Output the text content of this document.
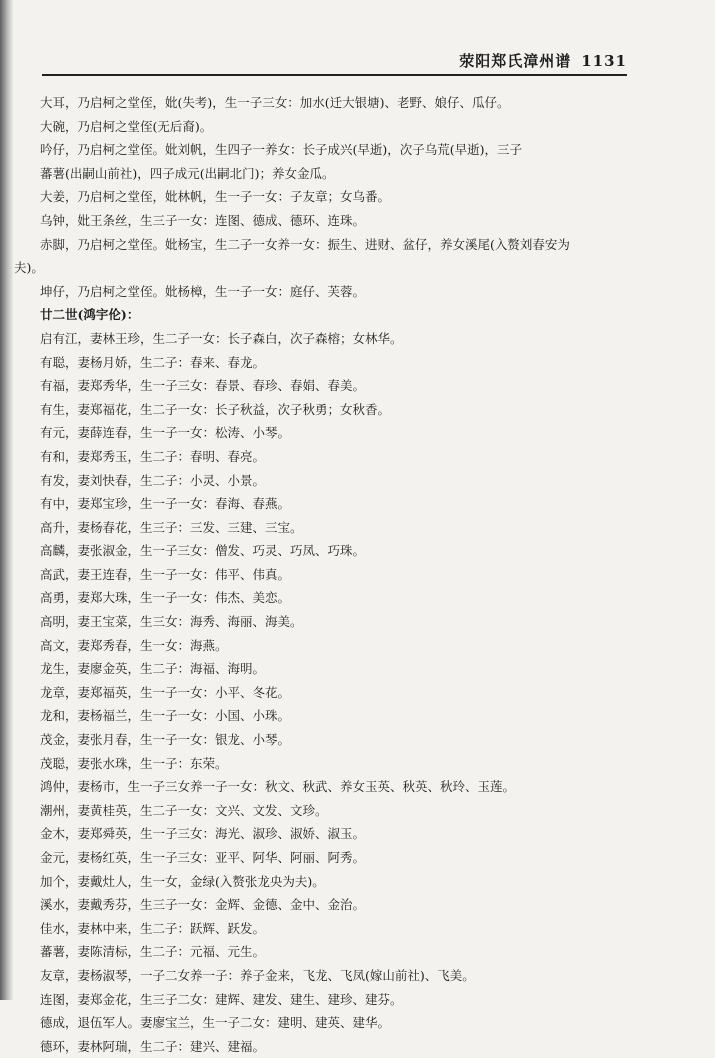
荥阳郑氏漳州谱 1131
大耳，乃启柯之堂侄，妣(失考)，生一子三女：加水(迁大银塘)、老野、娘仔、瓜仔。
大碗，乃启柯之堂侄(无后裔)。
吟仔，乃启柯之堂侄。妣刘帆，生四子一养女：长子成兴(早逝)，次子乌荒(早逝)，三子
蕃薯(出嗣山前社)，四子成元(出嗣北门)；养女金瓜。
大姜，乃启柯之堂侄，妣林帆，生一子一女：子友章；女乌番。
乌钟，妣王条丝，生三子一女：连图、德成、德环、连珠。
赤脚，乃启柯之堂侄。妣杨宝，生二子一女养一女：振生、进财、盆仔，养女溪尾(入赘刘春安为
夫)。
坤仔，乃启柯之堂侄。妣杨樟，生一子一女：庭仔、芙蓉。
廿二世(鸿宇伦)：
启有江，妻林王珍，生二子一女：长子森白，次子森榕；女林华。
有聪，妻杨月娇，生二子：春来、春龙。
有福，妻郑秀华，生一子三女：春景、春珍、春娟、春美。
有生，妻郑福花，生二子一女：长子秋益，次子秋勇；女秋香。
有元，妻薛连春，生一子一女：松涛、小琴。
有和，妻郑秀玉，生二子：春明、春亮。
有发，妻刘快春，生二子：小灵、小景。
有中，妻郑宝珍，生一子一女：春海、春燕。
高升，妻杨春花，生三子：三发、三建、三宝。
高麟，妻张淑金，生一子三女：僧发、巧灵、巧凤、巧珠。
高武，妻王连春，生一子一女：伟平、伟真。
高勇，妻郑大珠，生一子一女：伟杰、美恋。
高明，妻王宝菜，生三女：海秀、海丽、海美。
高文，妻郑秀春，生一女：海燕。
龙生，妻廖金英，生二子：海福、海明。
龙章，妻郑福英，生一子一女：小平、冬花。
龙和，妻杨福兰，生一子一女：小国、小珠。
茂金，妻张月春，生一子一女：银龙、小琴。
茂聪，妻张水珠，生一子：东荣。
鸿仲，妻杨市，生一子三女养一子一女：秋文、秋武、养女玉英、秋英、秋玲、玉莲。
潮州，妻黄桂英，生二子一女：文兴、文发、文珍。
金木，妻郑舜英，生一子三女：海光、淑珍、淑娇、淑玉。
金元，妻杨红英，生一子三女：亚平、阿华、阿丽、阿秀。
加个，妻戴灶人，生一女，金绿(入赘张龙央为夫)。
溪水，妻戴秀芬，生三子一女：金辉、金德、金中、金治。
佳水，妻林中来，生二子：跃辉、跃发。
蕃薯，妻陈清标，生二子：元福、元生。
友章，妻杨淑琴，一子二女养一子：养子金来，飞龙、飞凤(嫁山前社)、飞美。
连图，妻郑金花，生三子二女：建辉、建发、建生、建珍、建芬。
德成，退伍军人。妻廖宝兰，生一子二女：建明、建英、建华。
德环，妻林阿瑞，生二子：建兴、建福。
